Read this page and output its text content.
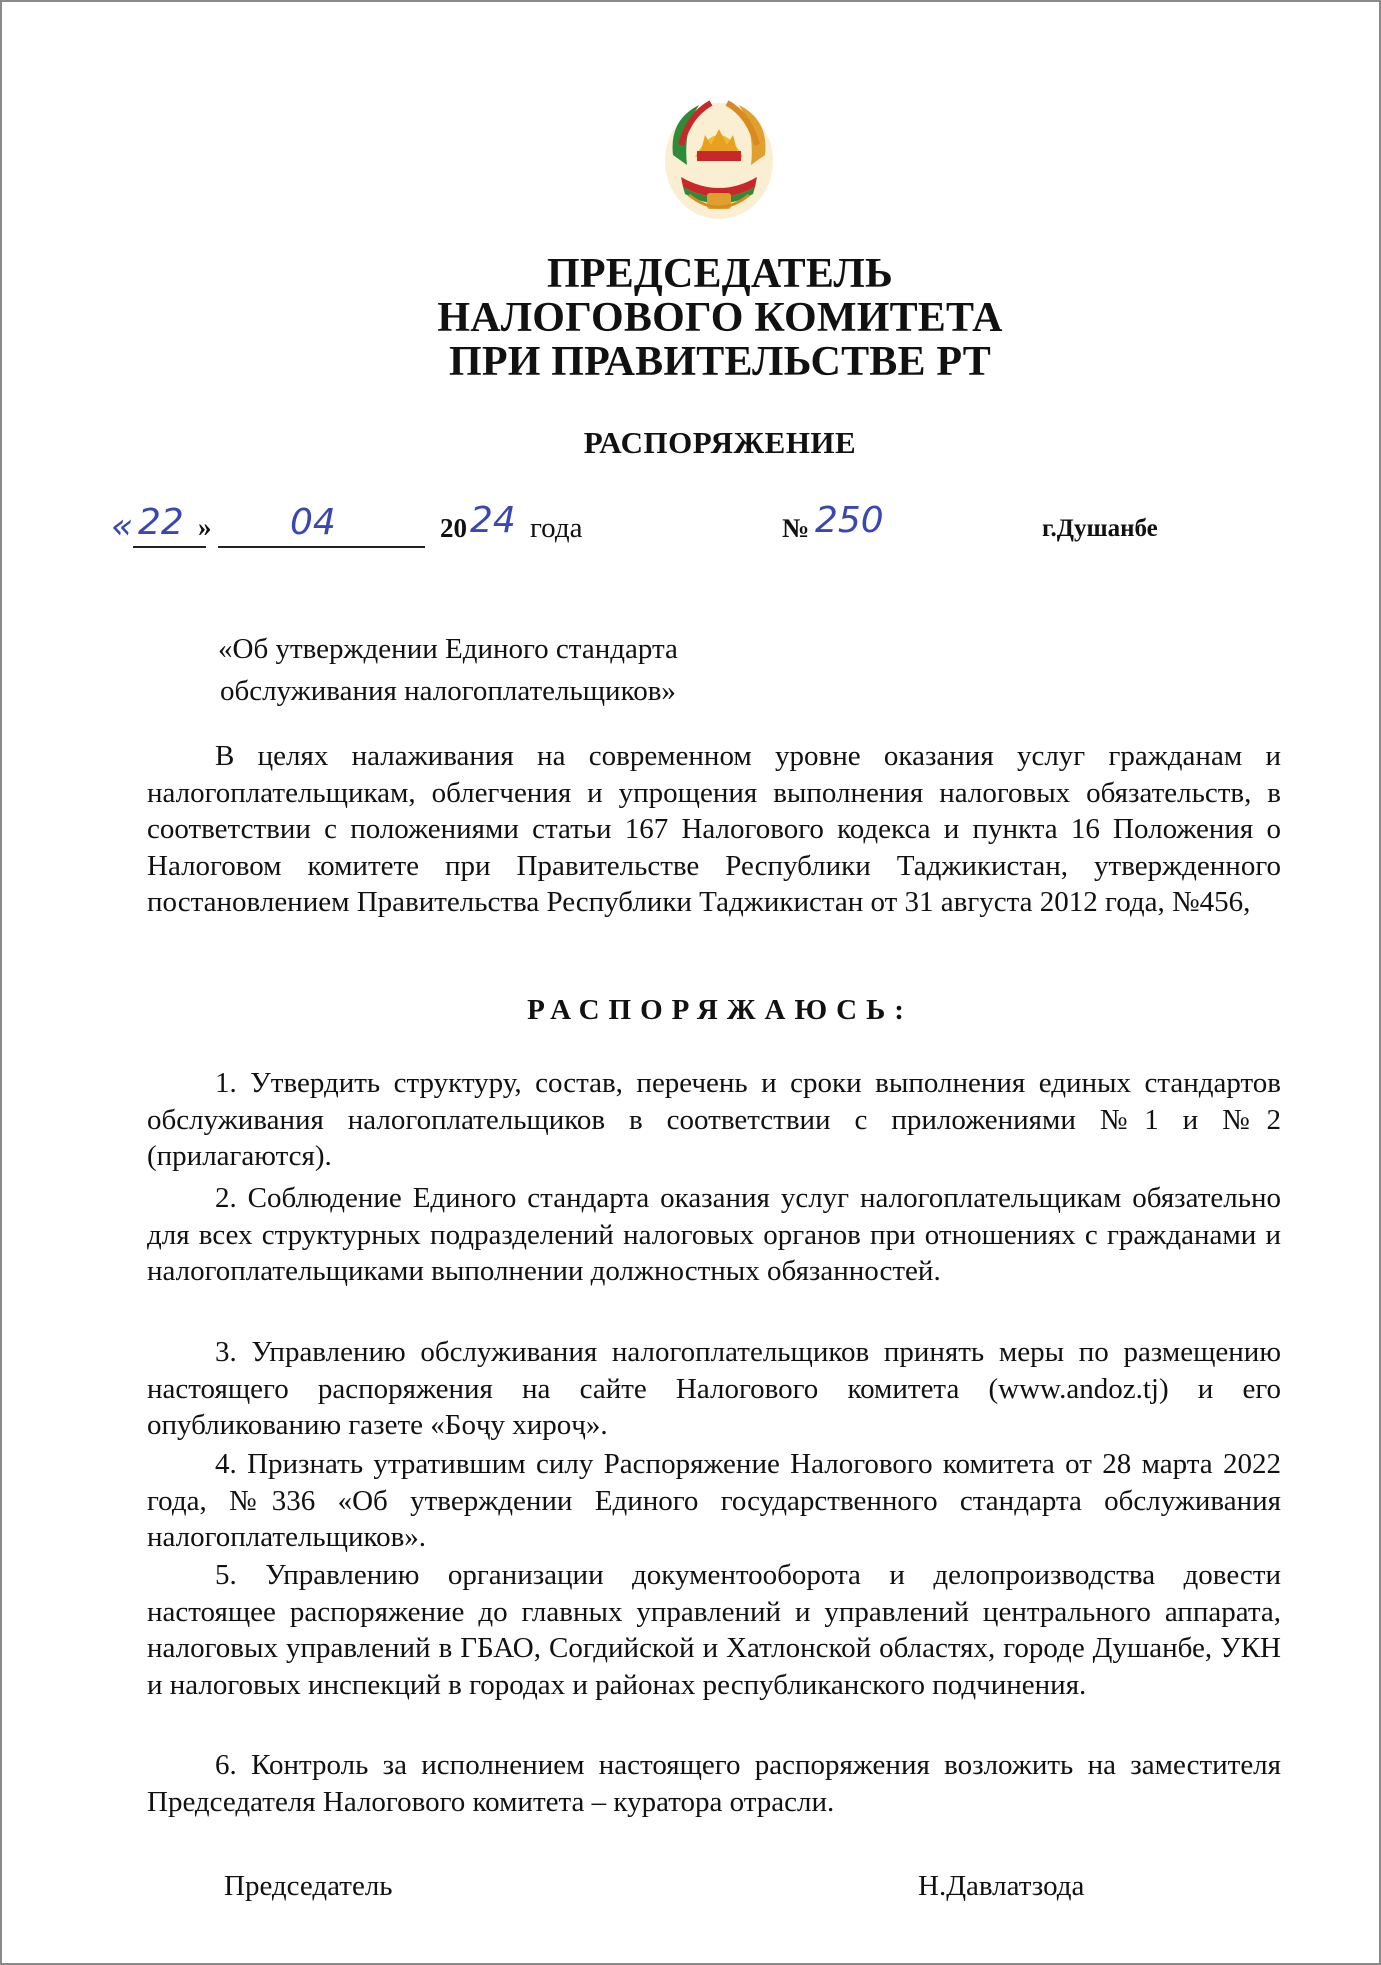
ПРЕДСЕДАТЕЛЬ
НАЛОГОВОГО КОМИТЕТА
ПРИ ПРАВИТЕЛЬСТВЕ РТ
РАСПОРЯЖЕНИЕ
« 22 » 04	20 24 года	№ 250	г.Душанбе
«Об утверждении Единого стандарта
обслуживания налогоплательщиков»

В целях налаживания на современном уровне оказания услуг гражданам и налогоплательщикам, облегчения и упрощения выполнения налоговых обязательств, в соответствии с положениями статьи 167 Налогового кодекса и пункта 16 Положения о Налоговом комитете при Правительстве Республики Таджикистан, утвержденного постановлением Правительства Республики Таджикистан от 31 августа 2012 года, №456,

РАСПОРЯЖАЮСЬ:

1. Утвердить структуру, состав, перечень и сроки выполнения единых стандартов обслуживания налогоплательщиков в соответствии с приложениями №1 и №2 (прилагаются).

2. Соблюдение Единого стандарта оказания услуг налогоплательщикам обязательно для всех структурных подразделений налоговых органов при отношениях с гражданами и налогоплательщиками выполнении должностных обязанностей.

3. Управлению обслуживания налогоплательщиков принять меры по размещению настоящего распоряжения на сайте Налогового комитета (www.andoz.tj) и его опубликованию газете «Боҷу хироҷ».

4. Признать утратившим силу Распоряжение Налогового комитета от 28 марта 2022 года, №336 «Об утверждении Единого государственного стандарта обслуживания налогоплательщиков».

5. Управлению организации документооборота и делопроизводства довести настоящее распоряжение до главных управлений и управлений центрального аппарата, налоговых управлений в ГБАО, Согдийской и Хатлонской областях, городе Душанбе, УКН и налоговых инспекций в городах и районах республиканского подчинения.

6. Контроль за исполнением настоящего распоряжения возложить на заместителя Председателя Налогового комитета – куратора отрасли.

Председатель	Н.Давлатзода
